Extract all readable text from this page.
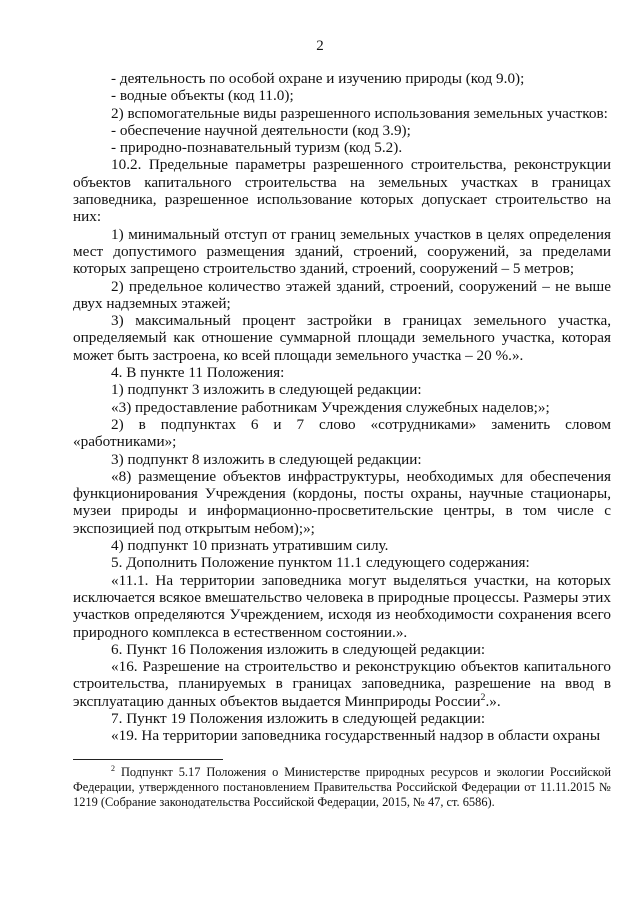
2

- деятельность по особой охране и изучению природы (код 9.0);

- водные объекты (код 11.0);

2) вспомогательные виды разрешенного использования земельных участков:

- обеспечение научной деятельности (код 3.9);

- природно-познавательный туризм (код 5.2).

10.2. Предельные параметры разрешенного строительства, реконструкции объектов капитального строительства на земельных участках в границах заповедника, разрешенное использование которых допускает строительство на них:

1) минимальный отступ от границ земельных участков в целях определения мест допустимого размещения зданий, строений, сооружений, за пределами которых запрещено строительство зданий, строений, сооружений – 5 метров;

2) предельное количество этажей зданий, строений, сооружений – не выше двух надземных этажей;

3) максимальный процент застройки в границах земельного участка, определяемый как отношение суммарной площади земельного участка, которая может быть застроена, ко всей площади земельного участка – 20 %.».

4. В пункте 11 Положения:

1) подпункт 3 изложить в следующей редакции:

«3) предоставление работникам Учреждения служебных наделов;»;

2) в подпунктах 6 и 7 слово «сотрудниками» заменить словом «работниками»;

3) подпункт 8 изложить в следующей редакции:

«8) размещение объектов инфраструктуры, необходимых для обеспечения функционирования Учреждения (кордоны, посты охраны, научные стационары, музеи природы и информационно-просветительские центры, в том числе с экспозицией под открытым небом);»;

4) подпункт 10 признать утратившим силу.

5. Дополнить Положение пунктом 11.1 следующего содержания:

«11.1. На территории заповедника могут выделяться участки, на которых исключается всякое вмешательство человека в природные процессы. Размеры этих участков определяются Учреждением, исходя из необходимости сохранения всего природного комплекса в естественном состоянии.».

6. Пункт 16 Положения изложить в следующей редакции:

«16. Разрешение на строительство и реконструкцию объектов капитального строительства, планируемых в границах заповедника, разрешение на ввод в эксплуатацию данных объектов выдается Минприроды России$^2$.».

7. Пункт 19 Положения изложить в следующей редакции:

«19. На территории заповедника государственный надзор в области охраны

$^2$ Подпункт 5.17 Положения о Министерстве природных ресурсов и экологии Российской Федерации, утвержденного постановлением Правительства Российской Федерации от 11.11.2015 № 1219 (Собрание законодательства Российской Федерации, 2015, № 47, ст. 6586).
